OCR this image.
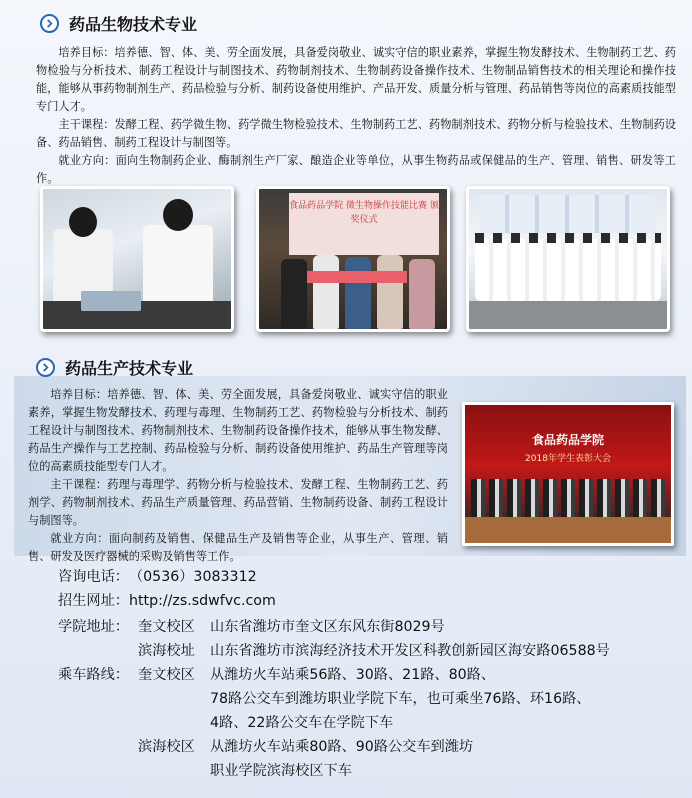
药品生物技术专业

培养目标：培养德、智、体、美、劳全面发展，具备爱岗敬业、诚实守信的职业素养，掌握生物发酵技术、生物制药工艺、药物检验与分析技术、制药工程设计与制图技术、药物制剂技术、生物制药设备操作技术、生物制品销售技术的相关理论和操作技能，能够从事药物制剂生产、药品检验与分析、制药设备使用维护、产品开发、质量分析与管理、药品销售等岗位的高素质技能型专门人才。

主干课程：发酵工程、药学微生物、药学微生物检验技术、生物制药工艺、药物制剂技术、药物分析与检验技术、生物制药设备、药品销售、制药工程设计与制图等。

就业方向：面向生物制药企业、酶制剂生产厂家、酿造企业等单位，从事生物药品或保健品的生产、管理、销售、研发等工作。

食品药品学院 微生物操作技能比赛 颁奖仪式
药品生产技术专业

培养目标：培养德、智、体、美、劳全面发展，具备爱岗敬业、诚实守信的职业素养，掌握生物发酵技术、药理与毒理、生物制药工艺、药物检验与分析技术、制药工程设计与制图技术、药物制剂技术、生物制药设备操作技术，能够从事生物发酵、药品生产操作与工艺控制、药品检验与分析、制药设备使用维护、药品生产管理等岗位的高素质技能型专门人才。

主干课程：药理与毒理学、药物分析与检验技术、发酵工程、生物制药工艺、药剂学、药物制剂技术、药品生产质量管理、药品营销、生物制药设备、制药工程设计与制图等。

就业方向：面向制药及销售、保健品生产及销售等企业，从事生产、管理、销售、研发及医疗器械的采购及销售等工作。

食品药品学院
2018年学生表彰大会
咨询电话：（0536）3083312
招生网址：http://zs.sdwfvc.com
学院地址： 奎文校区 山东省潍坊市奎文区东风东街8029号
滨海校址 山东省潍坊市滨海经济技术开发区科教创新园区海安路06588号
乘车路线： 奎文校区 从潍坊火车站乘56路、30路、21路、80路、
78路公交车到潍坊职业学院下车，也可乘坐76路、环16路、
4路、22路公交车在学院下车
滨海校区 从潍坊火车站乘80路、90路公交车到潍坊
职业学院滨海校区下车
